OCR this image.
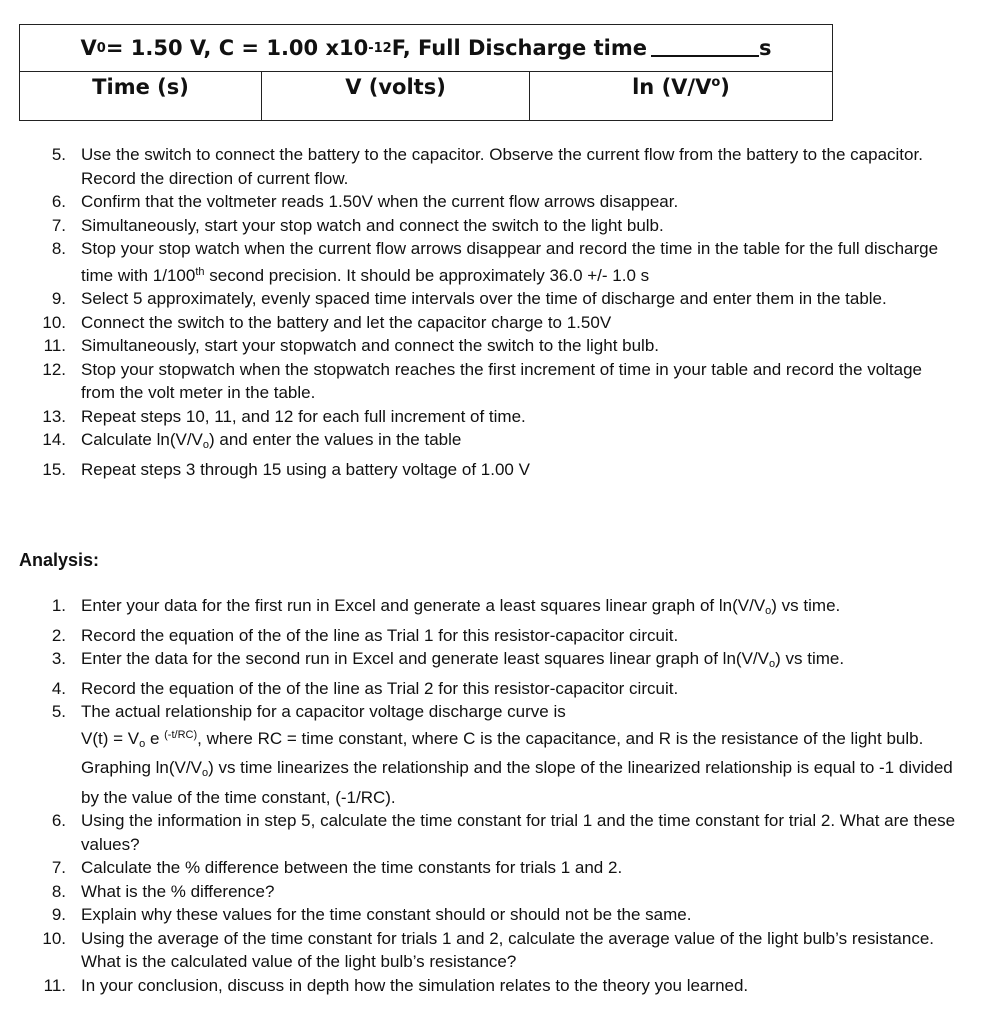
V 0 = 1.50 V, C = 1.00 x10 -12 F, Full Discharge time	s
Time (s)	V (volts)	ln (V/V o )
5. Use the switch to connect the battery to the capacitor. Observe the current flow from the battery to the capacitor. Record the direction of current flow.
6. Confirm that the voltmeter reads 1.50V when the current flow arrows disappear.
7. Simultaneously, start your stop watch and connect the switch to the light bulb.
8. Stop your stop watch when the current flow arrows disappear and record the time in the table for the full discharge time with 1/100th second precision. It should be approximately 36.0 +/- 1.0 s
9. Select 5 approximately, evenly spaced time intervals over the time of discharge and enter them in the table.
10. Connect the switch to the battery and let the capacitor charge to 1.50V
11. Simultaneously, start your stopwatch and connect the switch to the light bulb.
12. Stop your stopwatch when the stopwatch reaches the first increment of time in your table and record the voltage from the volt meter in the table.
13. Repeat steps 10, 11, and 12 for each full increment of time.
14. Calculate ln(V/Vo) and enter the values in the table
15. Repeat steps 3 through 15 using a battery voltage of 1.00 V
Analysis:
1. Enter your data for the first run in Excel and generate a least squares linear graph of ln(V/Vo) vs time.
2. Record the equation of the of the line as Trial 1 for this resistor-capacitor circuit.
3. Enter the data for the second run in Excel and generate least squares linear graph of ln(V/Vo) vs time.
4. Record the equation of the of the line as Trial 2 for this resistor-capacitor circuit.
5. The actual relationship for a capacitor voltage discharge curve is
V(t) = Vo e $^{(-t/RC)}$, where RC = time constant, where C is the capacitance, and R is the resistance of the light bulb. Graphing ln(V/Vo) vs time linearizes the relationship and the slope of the linearized relationship is equal to -1 divided by the value of the time constant, (-1/RC).
6. Using the information in step 5, calculate the time constant for trial 1 and the time constant for trial 2. What are these values?
7. Calculate the % difference between the time constants for trials 1 and 2.
8. What is the % difference?
9. Explain why these values for the time constant should or should not be the same.
10. Using the average of the time constant for trials 1 and 2, calculate the average value of the light bulb’s resistance. What is the calculated value of the light bulb’s resistance?
11. In your conclusion, discuss in depth how the simulation relates to the theory you learned.
